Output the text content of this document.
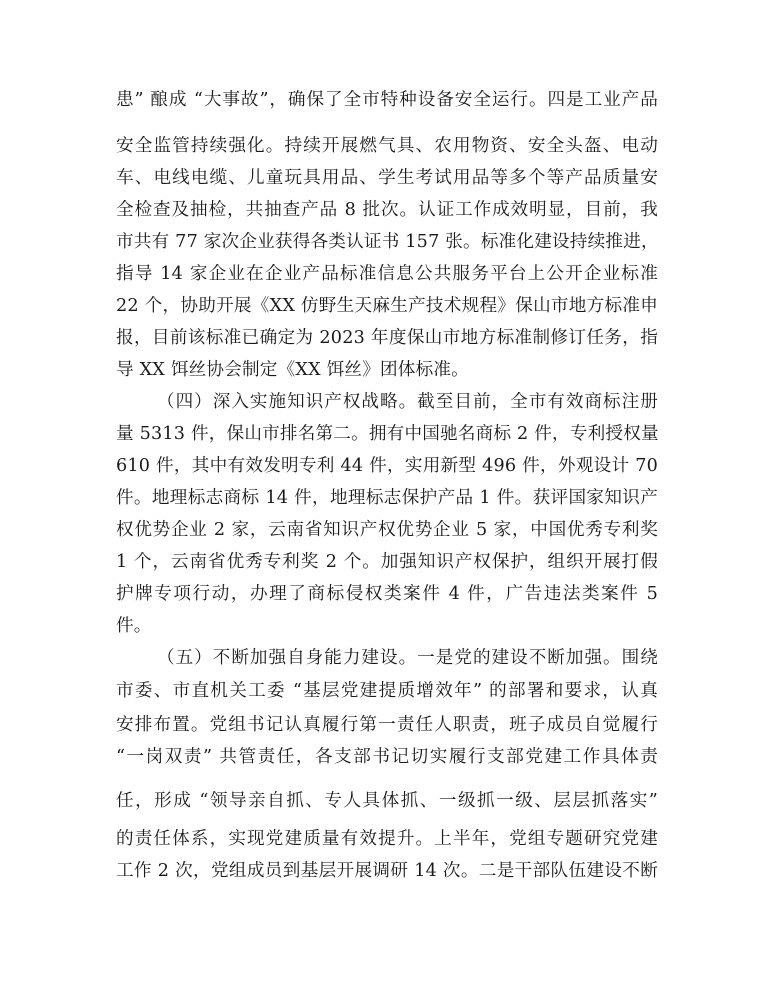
患” 酿成 “大事故”，确保了全市特种设备安全运行。四是工业产品
安全监管持续强化。持续开展燃气具、农用物资、安全头盔、电动
车、电线电缆、儿童玩具用品、学生考试用品等多个等产品质量安
全检查及抽检，共抽查产品 8 批次。认证工作成效明显，目前，我
市共有 77 家次企业获得各类认证书 157 张。标准化建设持续推进，
指导 14 家企业在企业产品标准信息公共服务平台上公开企业标准
22 个，协助开展《XX 仿野生天麻生产技术规程》保山市地方标准申
报，目前该标准已确定为 2023 年度保山市地方标准制修订任务，指
导 XX 饵丝协会制定《XX 饵丝》团体标准。
（四）深入实施知识产权战略。截至目前，全市有效商标注册
量 5313 件，保山市排名第二。拥有中国驰名商标 2 件，专利授权量
610 件，其中有效发明专利 44 件，实用新型 496 件，外观设计 70
件。地理标志商标 14 件，地理标志保护产品 1 件。获评国家知识产
权优势企业 2 家，云南省知识产权优势企业 5 家，中国优秀专利奖
1 个，云南省优秀专利奖 2 个。加强知识产权保护，组织开展打假
护牌专项行动，办理了商标侵权类案件 4 件，广告违法类案件 5
件。
（五）不断加强自身能力建设。一是党的建设不断加强。围绕
市委、市直机关工委 “基层党建提质增效年” 的部署和要求，认真
安排布置。党组书记认真履行第一责任人职责，班子成员自觉履行
“一岗双责” 共管责任，各支部书记切实履行支部党建工作具体责
任，形成 “领导亲自抓、专人具体抓、一级抓一级、层层抓落实”
的责任体系，实现党建质量有效提升。上半年，党组专题研究党建
工作 2 次，党组成员到基层开展调研 14 次。二是干部队伍建设不断
